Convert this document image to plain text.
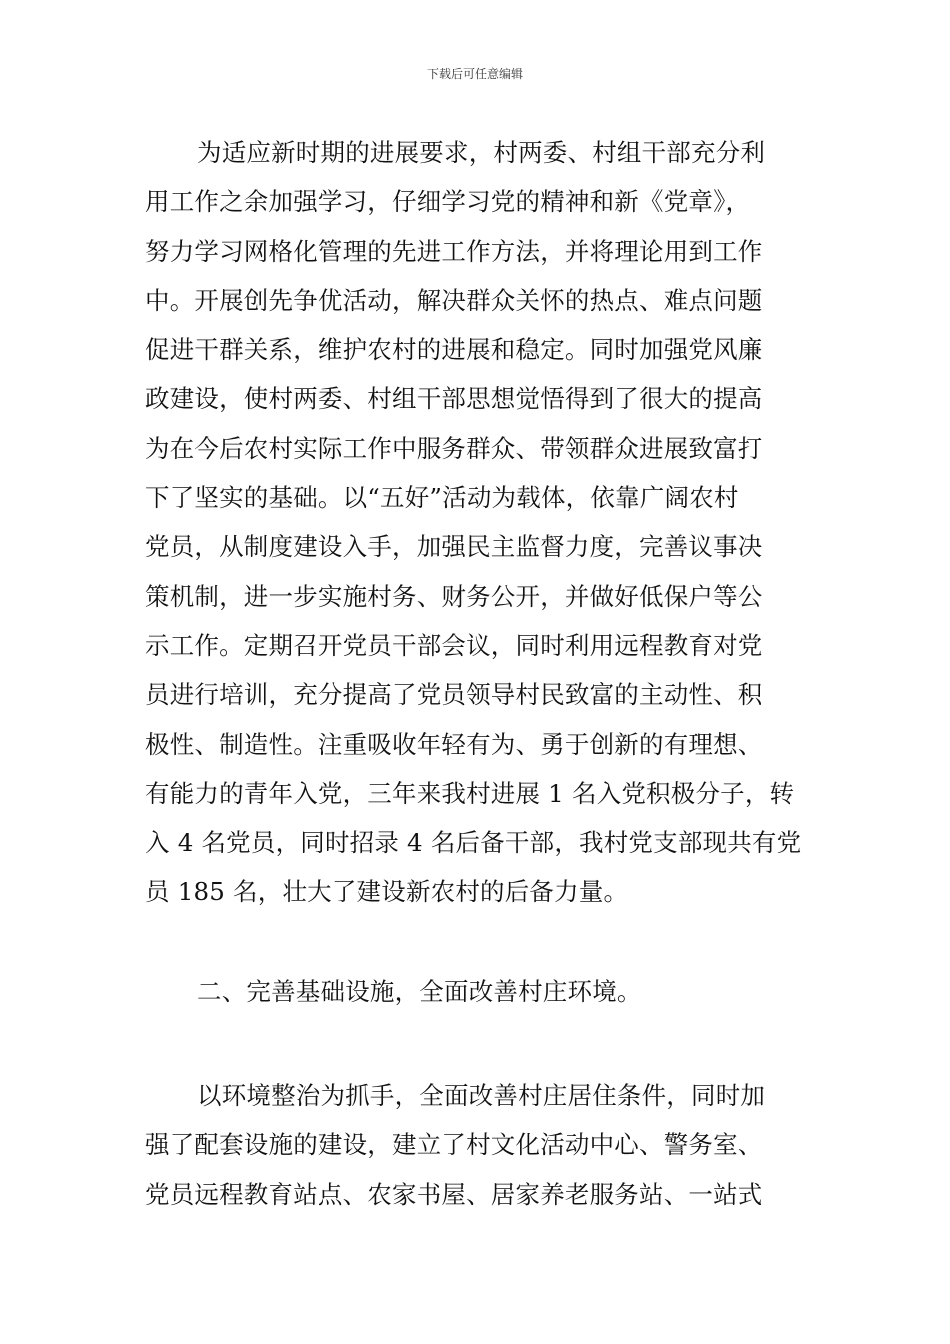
下载后可任意编辑
为适应新时期的进展要求，村两委、村组干部充分利
用工作之余加强学习，仔细学习党的精神和新《党章》，
努力学习网格化管理的先进工作方法，并将理论用到工作
中。开展创先争优活动，解决群众关怀的热点、难点问题
促进干群关系，维护农村的进展和稳定。同时加强党风廉
政建设，使村两委、村组干部思想觉悟得到了很大的提高
为在今后农村实际工作中服务群众、带领群众进展致富打
下了坚实的基础。以“五好”活动为载体，依靠广阔农村
党员，从制度建设入手，加强民主监督力度，完善议事决
策机制，进一步实施村务、财务公开，并做好低保户等公
示工作。定期召开党员干部会议，同时利用远程教育对党
员进行培训，充分提高了党员领导村民致富的主动性、积
极性、制造性。注重吸收年轻有为、勇于创新的有理想、
有能力的青年入党，三年来我村进展 1 名入党积极分子，转
入 4 名党员，同时招录 4 名后备干部，我村党支部现共有党
员 185 名，壮大了建设新农村的后备力量。
二、完善基础设施，全面改善村庄环境。
以环境整治为抓手，全面改善村庄居住条件，同时加
强了配套设施的建设，建立了村文化活动中心、警务室、
党员远程教育站点、农家书屋、居家养老服务站、一站式
